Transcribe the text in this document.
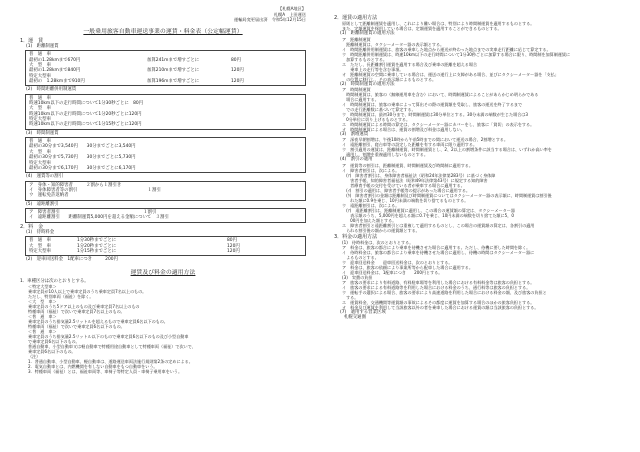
【札幌A地区】
札幌A　上田運送
運輸局変更届出済　 令和5年12月15日
一般乗用旅客自動車運送事業の運賃・料金表（公定幅運賃）
1．運　賃
(1)　距離制運賃
普　通　車
最初の1.28kmまで670円	加算241mまで増すごとに	80円
大　型　車
最初の1.28kmまで840円	加算210mまで増すごとに	120円
特定大型車
最初の　1.28kmまで910円	加算196mまで増すごとに	120円
(2)　時間距離併用制運賃
普　通　車
時速10km以下の走行時間について1分30秒ごとに　80円
大　型　車
時速10km以下の走行時間について1分20秒ごとに120円
特定大型車
時速10km以下の走行時間について1分15秒ごとに120円
(3)　時間制運賃
普　通　車
最初の30分まで3,540円　　30分までごとに3,540円
大　型　車
最初の30分まで5,730円　　30分までごとに5,730円
特定大型車
最初の30分まで6,170円　　30分までごとに6,170円
(4)　運賃等の割引
ア　身体・知的障害者　　　２割から１割引き
イ　身体障害者等の割引　　　　　　　　　　　　　　　　１割引
ウ　運転免許返納者
(5)　遠距離割引
ア　障害者割引　　　　　　　　　　　　　　　　　　　１割引
イ　遠距離割引　　距離制運賃5,000円を超える金額について　３割引
2．料　金
(1)　待時料金
普　通　車	1分30秒までごとに	80円
大　型　車	1分20秒までごとに	120円
特定大型車	1分15秒までごとに	120円
(2)　迎車回送料金　1配車につき　　　200円
運賃及び料金の適用方法
1．車種区分は次のとおりとする。
＜特定大型車＞
乗車定員が10人以上で乗車定員のうち乗車定員7名以上のもの。
ただし、特別車両（福祉）を除く。
＜大　型　車＞
乗車定員のうち5ドア以上のもの及び乗車定員7名以上のもの
特種車両（福祉）で次いで乗車定員7名以上のもの。
＜普　通　車＞
乗車定員のうち排気量2.5リットルを超えるもので乗車定員6名以下のもの。
特種車両（福祉）で次いで乗車定員6名以下のもの。
＜普　通　車＞
乗車定員のうち排気量2.5リットル以下のもので乗車定員6名以下のもの及び小型自動車
で乗車定員6名以下のもの。
普通自動車、小型自動車又は軽自動車で特種用途自動車として特種車両（福祉）で次いで、
乗車定員6名以下のもの。
（注）
1．普通自動車、小型自動車、軽自動車は、道路運送車両法施行規則第2条の定めによる。
2．電気自動車とは、内燃機関を有しない自動車をもつ自動車をいう。
3．特種車両（福祉）とは、福祉車両等、車椅子等特定人員・車椅子乗用車をいう。
2．運賃の適用方法
原則として距離制運賃を適用し、これにより難い場合は、特別により時間制運賃を適用するものとする。
また、定額運賃を採用している場合は、定額運賃を適用することができるものとする。
(1)　距離制運賃の適用方法
ア　距離制運賃
　距離制運賃は、タクシーメーター器の表示額とする。
イ　時間距離併用制運賃は、旅客の乗車した地点から運送が終わった地点までの実車走行距離に応じて算定する。
ウ　時間距離併用制運賃は、時速10km以下の走行時間について1分30秒ごとに加算する場合に限り、時間制を加算制運賃に
　加算するものとする。
エ　ただし、長距離割引運賃を適用する場合及び乗車の距離を超える場合
　　乗車上の走行等を含む事項。
オ　距離制運賃の空間に乗車している場合は、運送の遂行上に支障がある場合、並びにタクシーメーター器を「支払」
　の位置に移行し、その表示額によるものとする。
(2)　時間制運賃の適用方法
ア　時間制運賃
　時間制運賃は、旅客の（無線運用車を含む）において、時間制運賃によることがあらかじめ明らかである
　場合に適用する。
イ　時間制運賃は、旅客の乗車によって算出その際の運賃額を受取し、旅客の運送を終了するまで
　での走行距離数に基づいて算定する。
ウ　時間制運賃は、最初30分まで、時間制運賃は30分単位とする。30分未満の端数が生じた場合は3
　0分単位に切り上げるものとする。
エ　時間制運賃による時間の算定は、タクシーメーター器にカバーをし、旅客に「貸切」の表示をする。
オ　時間制運賃による場合は、運賃の割増及び料金は適用しない。
(3)　割増運賃
ア　深夜早朝割増は、午後10時から午前5時までの間において運送の場合、2割増とする。
イ　遠距離割引、寝台車等の設定した距離を有する車両に限り適用する。
ウ　割引適用の運賃は、距離制運賃、時間制運賃とし、2、2以上の割増条件に該当する場合は、いずれか高い率を
　適用し、割増を重複適用しないものとする。
(4)　割引の適用
ア　運賃等の割引は、距離制運賃、時間制運賃及び時間制に適用する。
イ　障害者割引は、次による。
　(ｱ)　障害者割引は、身体障害者福祉法（昭和24年法律第283号）に基づく身体障
　　害者手帳、知的障害者福祉法（昭和49年法律第43号）に規定する知的障害
　　者療育手帳の交付を受けている者が乗車する場合に適用する。
　(ｲ)　割引の適用は、障害者手帳等の提示があった場合に適用する。
　(ｳ)　障害者割引の金額は距離制及び時間制運賃についてはタクシーメーター器の表示額に、時間制運賃は割引後
　　れた額に0.9を乗じ、10円未満の端数を切り捨てるものとする。
ウ　遠距離割引は、次による。
　(ｱ)　遠距離割引は、距離制運賃に適用し、この場合の運賃額の算定は、タクシーメーター器
　　表示額のうち、5,000円を超える額に0.7を乗じ、10円未満の端数を切り捨てた額に5，0
　　00円を加えた額とする。
エ　障害者割引と遠距離割引とは重複して適用するものとし、この場合の運賃額の算定は、各割引の適用
　られる割引後の額からの運賃額とする。
3．料金の適用方法
(1)　待時料金は、次のとおりとする。
ア　料金は、旅客の都合により乗車を待機させた場合に適用する。ただし、待機に要した時間を除く。
イ　待時料金は、旅客の都合により乗車を待機させた場合に適用し、待機の時間はタクシーメーター器に
　よるものとする。
ウ　迎車回送料金　　迎車回送料金は、次のとおりとする。
ア　料金は、旅客の依頼により事業所等から配車した場合に適用する。
イ　迎車回送料金は、1配車につき　　200円とする。
(3)　実費の負担
ア　旅客の要求により有料道路、有料駐車場等を利用した場合における有料料金等は旅客の負担とする。
イ　旅客の要求による有料道路等を利用した場合における料金のうち、通行料等は旅客の負担とする。
ウ　運転手の選択による場合、旅客の要求により高速道路を利用した場合における料金の額、及び旅客の負担と
　する。
エ　運賃料金、交通機関等運賃額の事故によるその都度に運賃を加算する場合のほかの旅客負担とする。
オ　料金及び運賃を利用して当該旅客以外の者を乗車した場合における運賃の額は当該旅客の負担とする。
(7)　適用する営業区域
札幌交通圏
